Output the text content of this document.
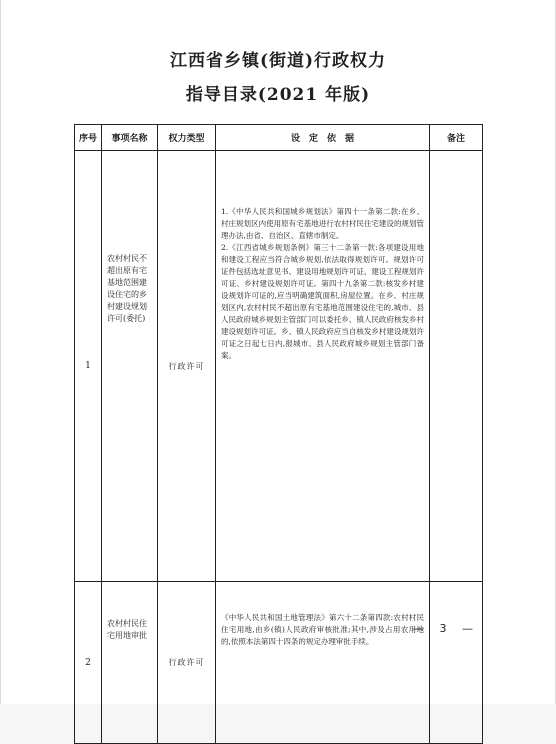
江西省乡镇(街道)行政权力
指导目录(2021 年版)
序号	事项名称	权力类型	设　定　依　据	备注
1	农村村民不超出原有宅基地范围建设住宅的乡村建设规划许可(委托)	行政许可	1.《中华人民共和国城乡规划法》第四十一条第二款:在乡、村庄规划区内使用原有宅基地进行农村村民住宅建设的规划管理办法,由省、自治区、直辖市制定。

2.《江西省城乡规划条例》第三十二条第一款:各项建设用地和建设工程应当符合城乡规划,依法取得规划许可。规划许可证件包括选址意见书、建设用地规划许可证、建设工程规划许可证、乡村建设规划许可证。第四十九条第二款:核发乡村建设规划许可证的,应当明确建筑面积,房屋位置。在乡、村庄规划区内,农村村民不超出原有宅基地范围建设住宅的,城市、县人民政府城乡规划主管部门可以委托乡、镇人民政府核发乡村建设规划许可证。乡、镇人民政府应当自核发乡村建设规划许可证之日起七日内,报城市、县人民政府城乡规划主管部门备案。	

2	农村村民住宅用地审批	行政许可	《中华人民共和国土地管理法》第六十二条第四款:农村村民住宅用地,由乡(镇)人民政府审核批准;其中,涉及占用农用地的,依照本法第四十四条的规定办理审批手续。	

— 3 —
